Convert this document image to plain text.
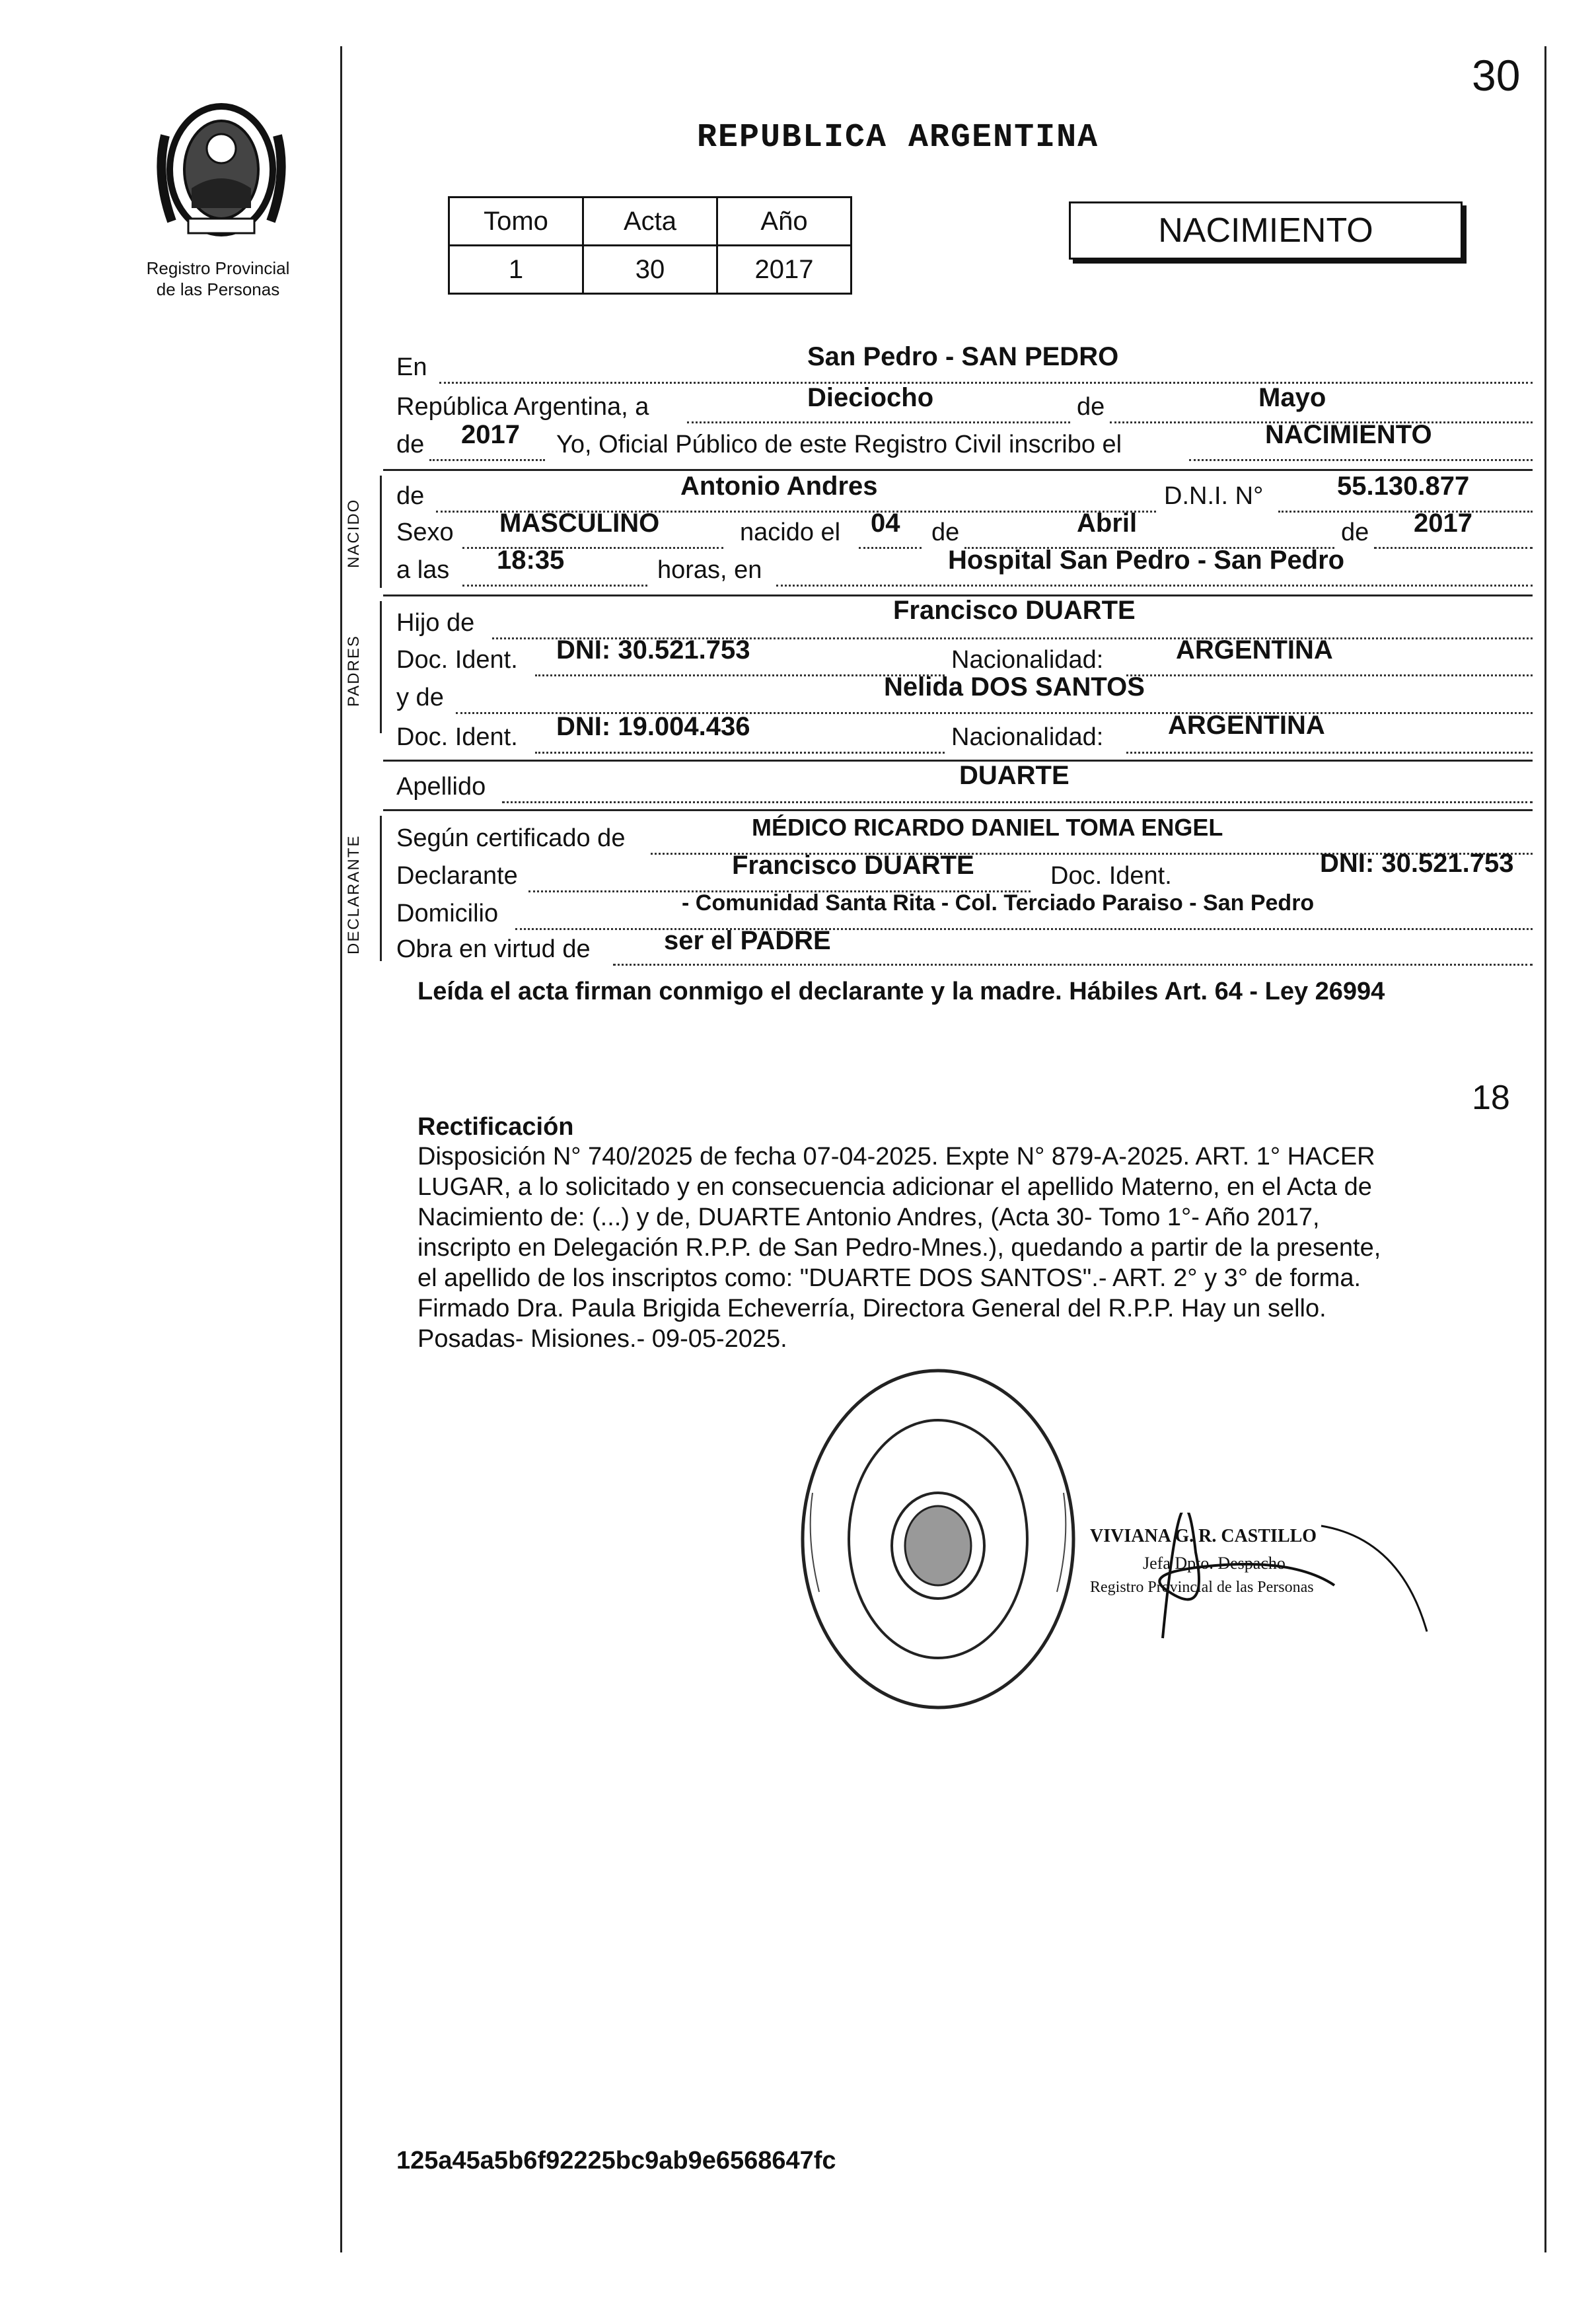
30
Registro Provincial
de las Personas
REPUBLICA ARGENTINA
Tomo	Acta	Año
1	30	2017
NACIMIENTO
En	San Pedro - SAN PEDRO
República Argentina, a	Dieciocho	de	Mayo
de 2017 Yo, Oficial Público de este Registro Civil inscribo el	NACIMIENTO
NACIDO
de	Antonio Andres	D.N.I. N°	55.130.877
Sexo MASCULINO	nacido el 04 de	Abril	de 2017
a las 18:35	horas, en	Hospital San Pedro - San Pedro
PADRES
Hijo de	Francisco DUARTE
Doc. Ident. DNI: 30.521.753	Nacionalidad:	ARGENTINA
y de	Nelida DOS SANTOS
Doc. Ident. DNI: 19.004.436	Nacionalidad: ARGENTINA
Apellido	DUARTE
DECLARANTE Según certificado de	MÉDICO RICARDO DANIEL TOMA ENGEL
Declarante	Francisco DUARTE	Doc. Ident.	DNI: 30.521.753
Domicilio	- Comunidad Santa Rita - Col. Terciado Paraiso - San Pedro
Obra en virtud de	ser el PADRE
Leída el acta firman conmigo el declarante y la madre. Hábiles Art. 64 - Ley 26994
18
Rectificación
Disposición N° 740/2025 de fecha 07-04-2025. Expte N° 879-A-2025. ART. 1° HACER
LUGAR, a lo solicitado y en consecuencia adicionar el apellido Materno, en el Acta de
Nacimiento de: (...) y de, DUARTE Antonio Andres, (Acta 30- Tomo 1°- Año 2017,
inscripto en Delegación R.P.P. de San Pedro-Mnes.), quedando a partir de la presente,
el apellido de los inscriptos como: "DUARTE DOS SANTOS".- ART. 2° y 3° de forma.
Firmado Dra. Paula Brigida Echeverría, Directora General del R.P.P. Hay un sello.
Posadas- Misiones.- 09-05-2025.
VIVIANA G. R. CASTILLO
Jefa Dpto. Despacho
Registro Provincial de las Personas
125a45a5b6f92225bc9ab9e6568647fc
